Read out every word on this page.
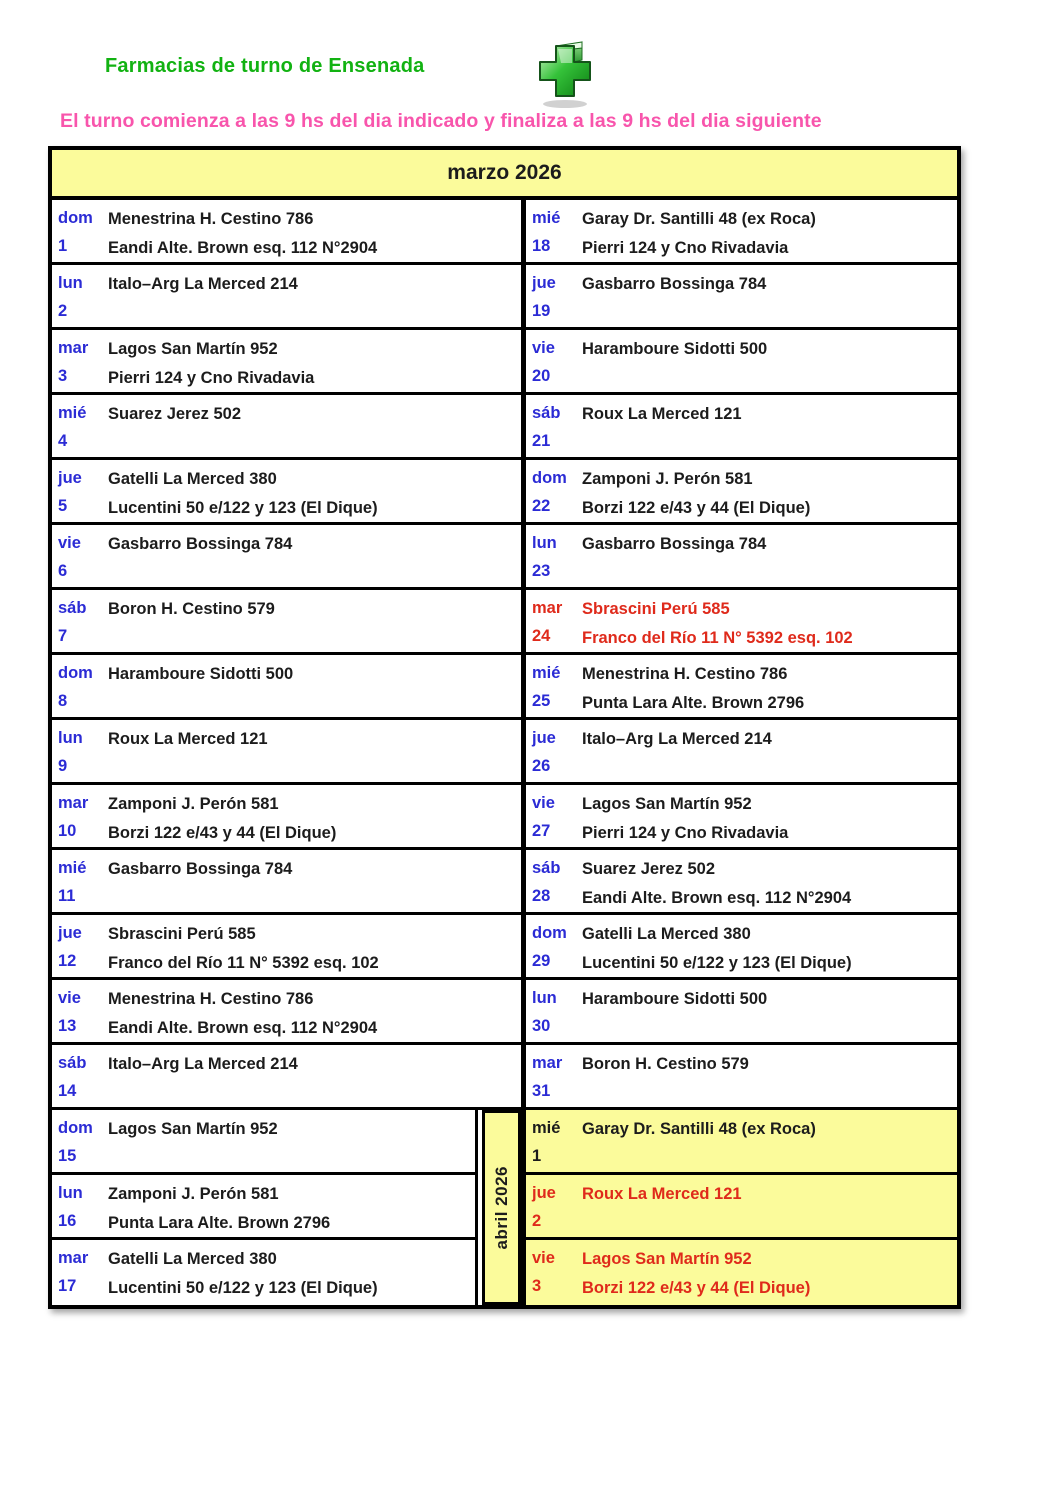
Farmacias de turno de Ensenada
El turno comienza a las 9 hs del dia indicado y finaliza a las 9 hs del dia siguiente
marzo 2026
dom
1
Menestrina H. Cestino 786
Eandi Alte. Brown esq. 112 N°2904
lun
2
Italo–Arg La Merced 214
mar
3
Lagos San Martín 952
Pierri 124 y Cno Rivadavia
mié
4
Suarez Jerez 502
jue
5
Gatelli La Merced 380
Lucentini 50 e/122 y 123 (El Dique)
vie
6
Gasbarro Bossinga 784
sáb
7
Boron H. Cestino 579
dom
8
Haramboure Sidotti 500
lun
9
Roux La Merced 121
mar
10
Zamponi J. Perón 581
Borzi 122 e/43 y 44 (El Dique)
mié
11
Gasbarro Bossinga 784
jue
12
Sbrascini Perú 585
Franco del Río 11 N° 5392 esq. 102
vie
13
Menestrina H. Cestino 786
Eandi Alte. Brown esq. 112 N°2904
sáb
14
Italo–Arg La Merced 214
dom
15
Lagos San Martín 952
lun
16
Zamponi J. Perón 581
Punta Lara Alte. Brown 2796
mar
17
Gatelli La Merced 380
Lucentini 50 e/122 y 123 (El Dique)
abril 2026
mié
18
Garay Dr. Santilli 48 (ex Roca)
Pierri 124 y Cno Rivadavia
jue
19
Gasbarro Bossinga 784
vie
20
Haramboure Sidotti 500
sáb
21
Roux La Merced 121
dom
22
Zamponi J. Perón 581
Borzi 122 e/43 y 44 (El Dique)
lun
23
Gasbarro Bossinga 784
mar
24
Sbrascini Perú 585
Franco del Río 11 N° 5392 esq. 102
mié
25
Menestrina H. Cestino 786
Punta Lara Alte. Brown 2796
jue
26
Italo–Arg La Merced 214
vie
27
Lagos San Martín 952
Pierri 124 y Cno Rivadavia
sáb
28
Suarez Jerez 502
Eandi Alte. Brown esq. 112 N°2904
dom
29
Gatelli La Merced 380
Lucentini 50 e/122 y 123 (El Dique)
lun
30
Haramboure Sidotti 500
mar
31
Boron H. Cestino 579
mié
1
Garay Dr. Santilli 48 (ex Roca)
jue
2
Roux La Merced 121
vie
3
Lagos San Martín 952
Borzi 122 e/43 y 44 (El Dique)
